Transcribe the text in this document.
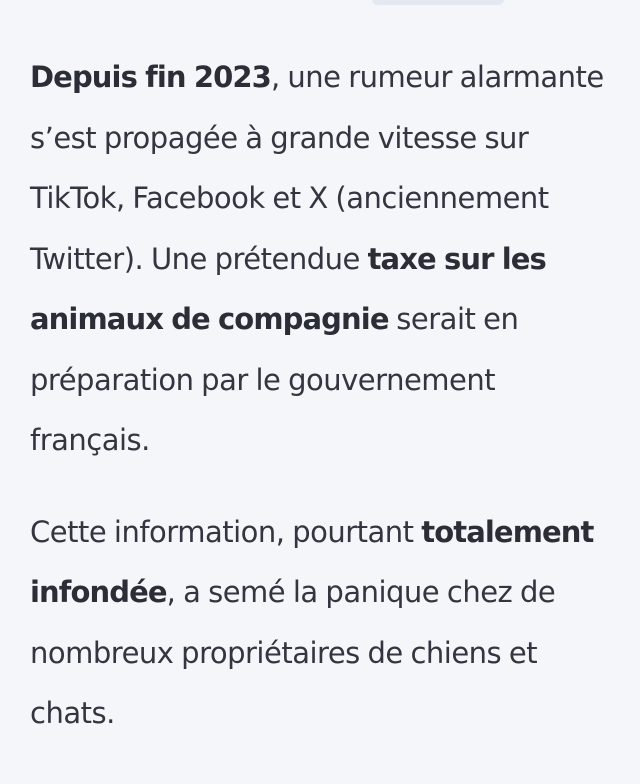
Depuis fin 2023, une rumeur alarmante s’est propagée à grande vitesse sur TikTok, Facebook et X (anciennement Twitter). Une prétendue taxe sur les animaux de compagnie serait en préparation par le gouvernement français.

Cette information, pourtant totalement infondée, a semé la panique chez de nombreux propriétaires de chiens et chats.
